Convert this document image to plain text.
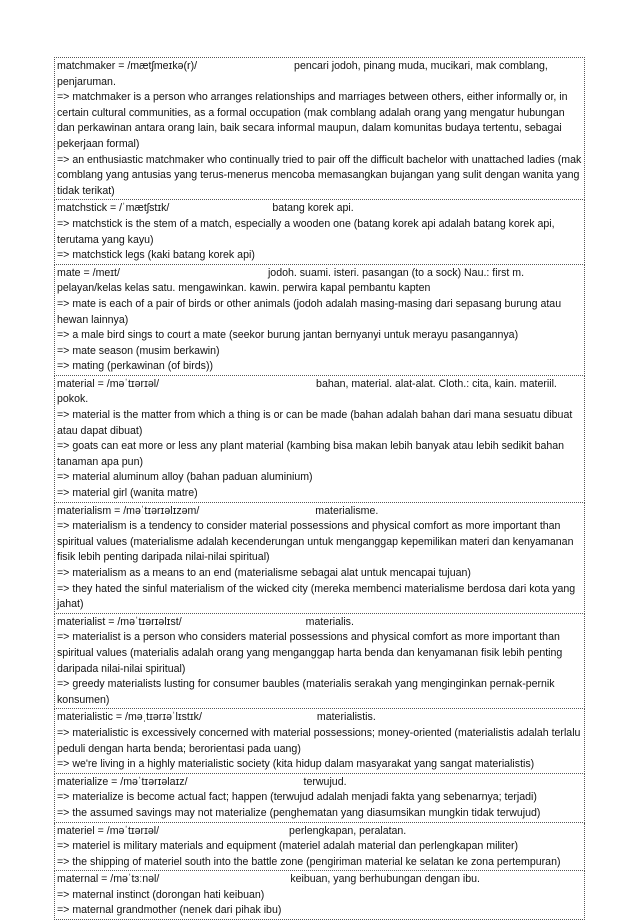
matchmaker = /mætʃmeɪkə(r)/	pencari jodoh, pinang muda, mucikari, mak comblang, penjaruman.
=> matchmaker is a person who arranges relationships and marriages between others, either informally or, in certain cultural communities, as a formal occupation (mak comblang adalah orang yang mengatur hubungan dan perkawinan antara orang lain, baik secara informal maupun, dalam komunitas budaya tertentu, sebagai pekerjaan formal)
=> an enthusiastic matchmaker who continually tried to pair off the difficult bachelor with unattached ladies (mak comblang yang antusias yang terus-menerus mencoba memasangkan bujangan yang sulit dengan wanita yang tidak terikat)
matchstick = /ˈmætʃstɪk/	batang korek api.
=> matchstick is the stem of a match, especially a wooden one (batang korek api adalah batang korek api, terutama yang kayu)
=> matchstick legs (kaki batang korek api)
mate = /meɪt/	jodoh. suami. isteri. pasangan (to a sock) Nau.: first m. pelayan/kelas kelas satu. mengawinkan. kawin. perwira kapal pembantu kapten
=> mate is each of a pair of birds or other animals (jodoh adalah masing-masing dari sepasang burung atau hewan lainnya)
=> a male bird sings to court a mate (seekor burung jantan bernyanyi untuk merayu pasangannya)
=> mate season (musim berkawin)
=> mating (perkawinan (of birds))
material = /məˈtɪərɪəl/	bahan, material. alat-alat. Cloth.: cita, kain. materiil. pokok.
=> material is the matter from which a thing is or can be made (bahan adalah bahan dari mana sesuatu dibuat atau dapat dibuat)
=> goats can eat more or less any plant material (kambing bisa makan lebih banyak atau lebih sedikit bahan tanaman apa pun)
=> material aluminum alloy (bahan paduan aluminium)
=> material girl (wanita matre)
materialism = /məˈtɪərɪəlɪzəm/	materialisme.
=> materialism is a tendency to consider material possessions and physical comfort as more important than spiritual values (materialisme adalah kecenderungan untuk menganggap kepemilikan materi dan kenyamanan fisik lebih penting daripada nilai-nilai spiritual)
=> materialism as a means to an end (materialisme sebagai alat untuk mencapai tujuan)
=> they hated the sinful materialism of the wicked city (mereka membenci materialisme berdosa dari kota yang jahat)
materialist = /məˈtɪərɪəlɪst/	materialis.
=> materialist is a person who considers material possessions and physical comfort as more important than spiritual values (materialis adalah orang yang menganggap harta benda dan kenyamanan fisik lebih penting daripada nilai-nilai spiritual)
=> greedy materialists lusting for consumer baubles (materialis serakah yang menginginkan pernak-pernik konsumen)
materialistic = /məˌtɪərɪəˈlɪstɪk/	materialistis.
=> materialistic is excessively concerned with material possessions; money-oriented (materialistis adalah terlalu peduli dengan harta benda; berorientasi pada uang)
=> we're living in a highly materialistic society (kita hidup dalam masyarakat yang sangat materialistis)
materialize = /məˈtɪərɪəlaɪz/	terwujud.
=> materialize is become actual fact; happen (terwujud adalah menjadi fakta yang sebenarnya; terjadi)
=> the assumed savings may not materialize (penghematan yang diasumsikan mungkin tidak terwujud)
materiel = /məˈtɪərɪəl/	perlengkapan, peralatan.
=> materiel is military materials and equipment (materiel adalah material dan perlengkapan militer)
=> the shipping of materiel south into the battle zone (pengiriman material ke selatan ke zona pertempuran)
maternal = /məˈtɜːnəl/	keibuan, yang berhubungan dengan ibu.
=> maternal instinct (dorongan hati keibuan)
=> maternal grandmother (nenek dari pihak ibu)
